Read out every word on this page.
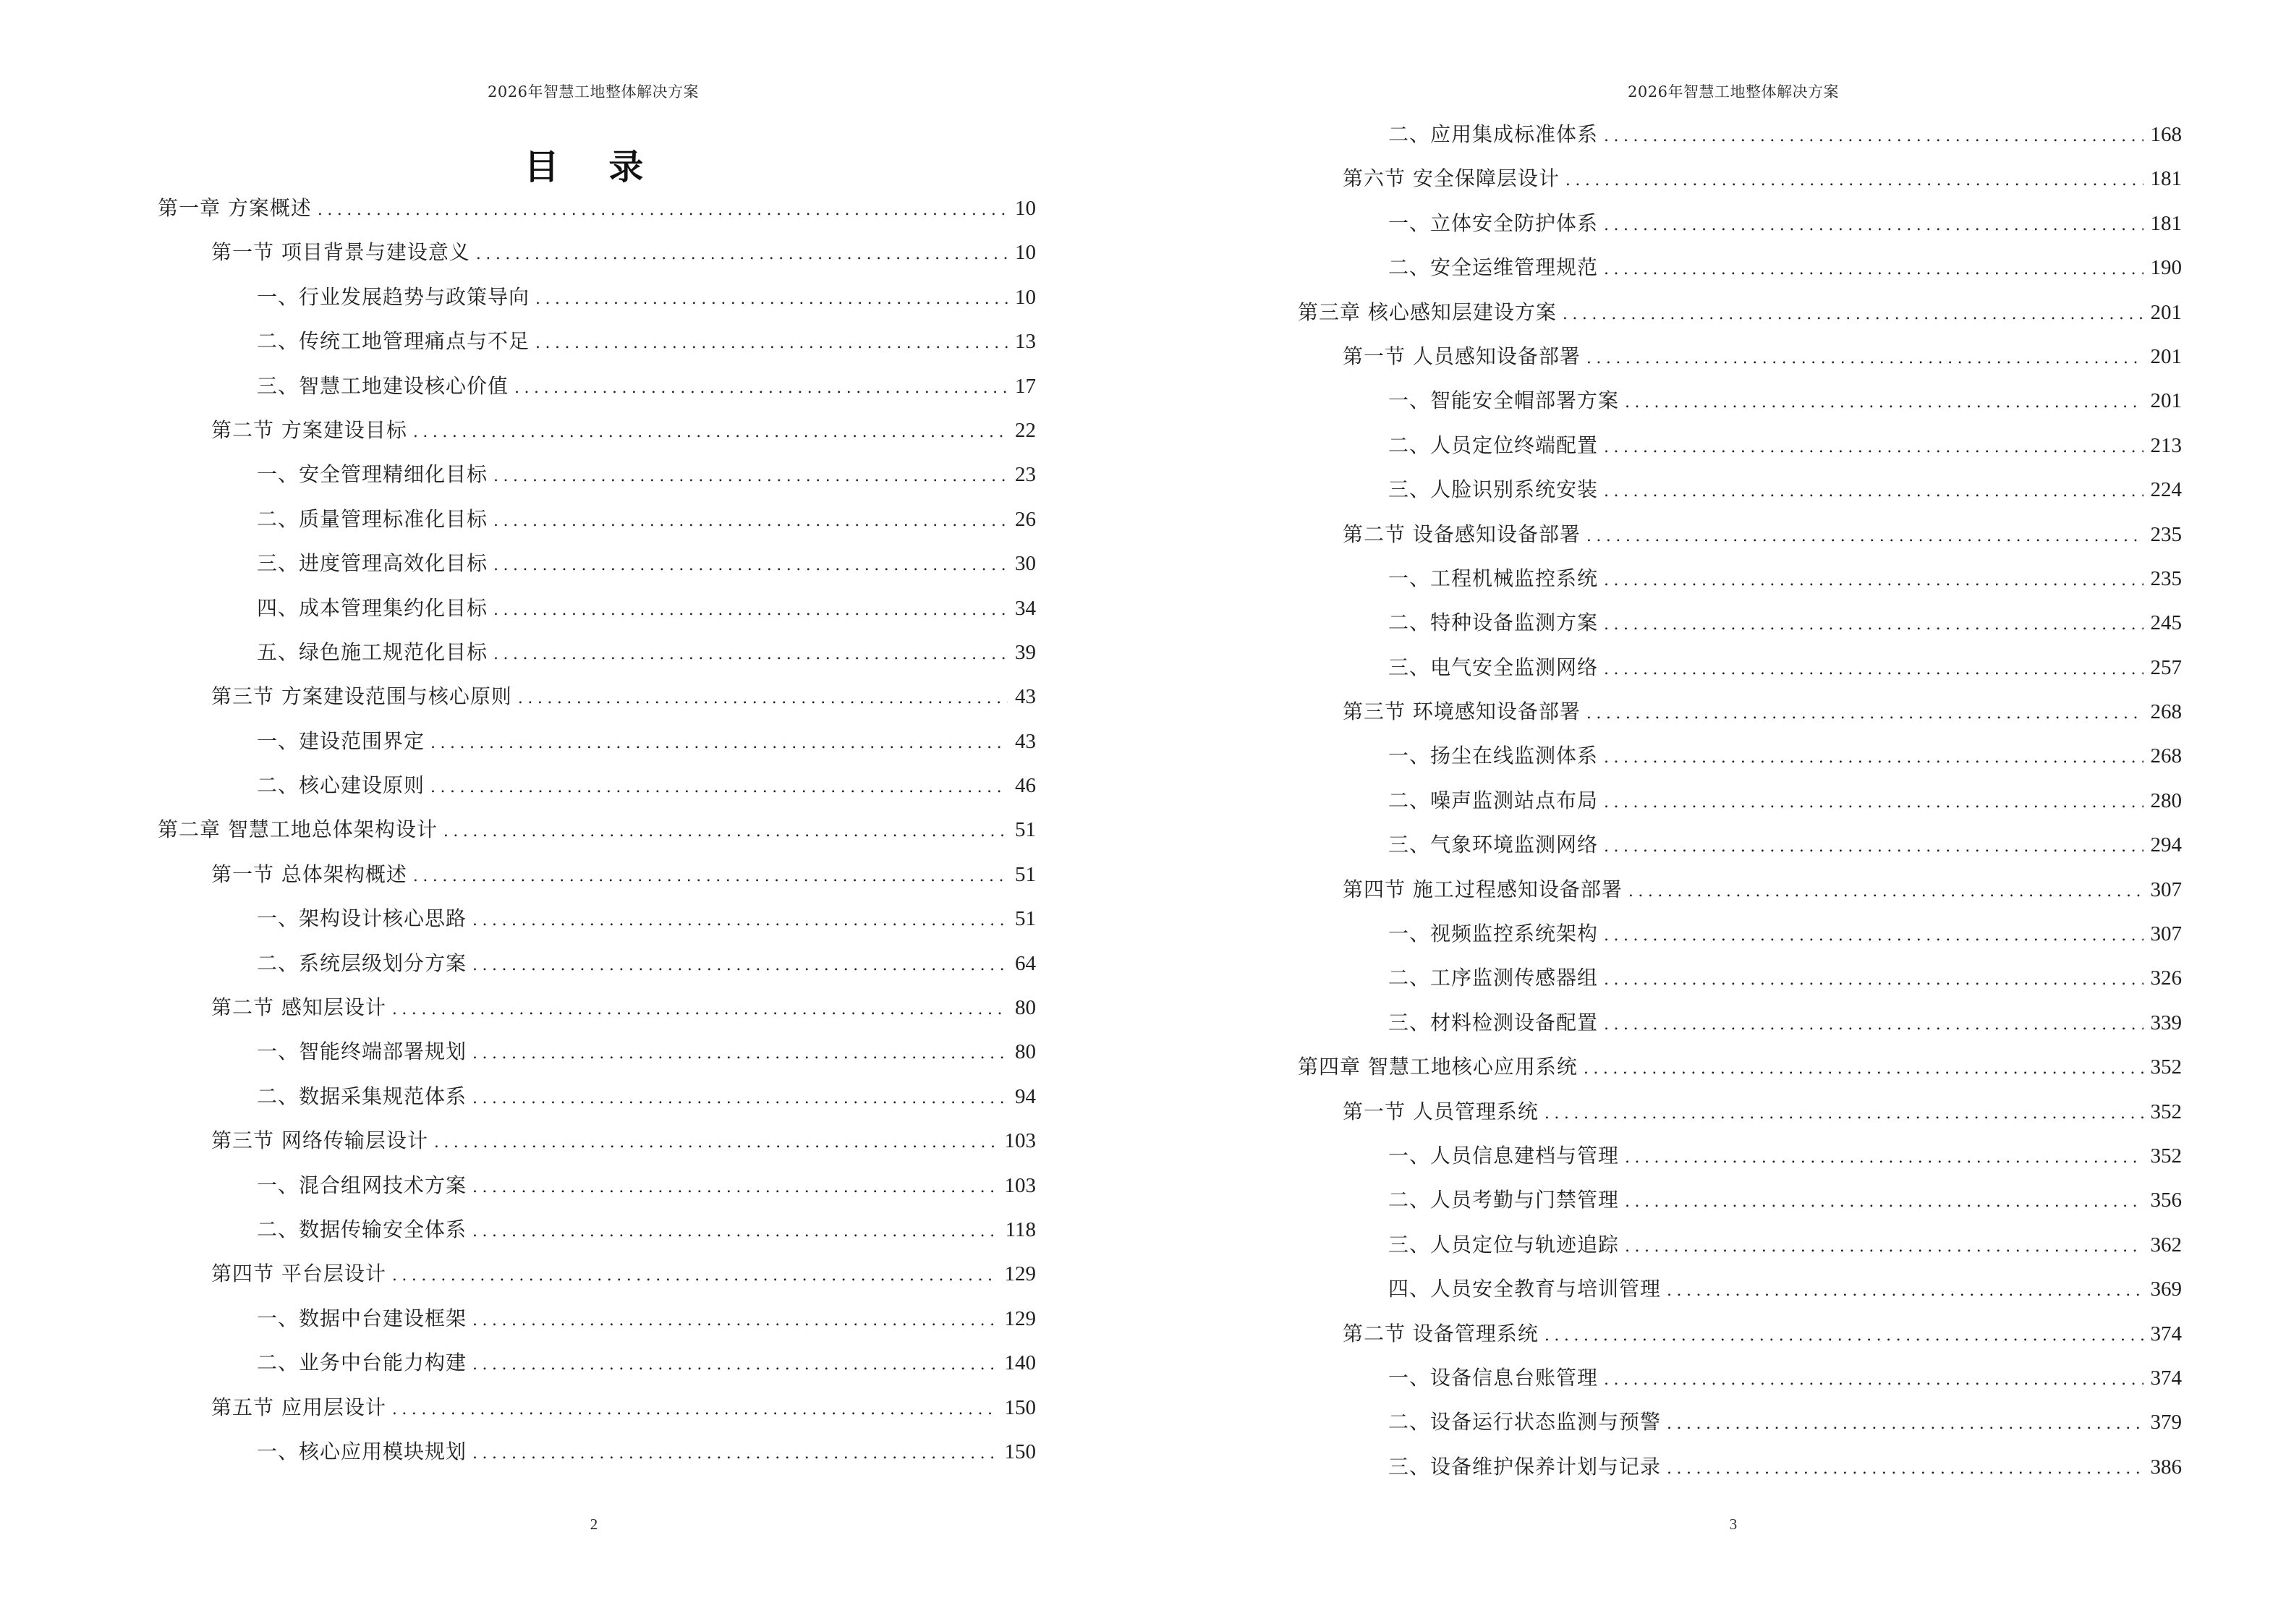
2026年智慧工地整体解决方案
目 录
第一章 方案概述 .....	10
第一节 项目背景与建设意义 .....	10
一、行业发展趋势与政策导向 .....	10
二、传统工地管理痛点与不足 .....	13
三、智慧工地建设核心价值 .....	17
第二节 方案建设目标 .....	22
一、安全管理精细化目标 .....	23
二、质量管理标准化目标 .....	26
三、进度管理高效化目标 .....	30
四、成本管理集约化目标 .....	34
五、绿色施工规范化目标 .....	39
第三节 方案建设范围与核心原则 .....	43
一、建设范围界定 .....	43
二、核心建设原则 .....	46
第二章 智慧工地总体架构设计 .....	51
第一节 总体架构概述 .....	51
一、架构设计核心思路 .....	51
二、系统层级划分方案 .....	64
第二节 感知层设计 .....	80
一、智能终端部署规划 .....	80
二、数据采集规范体系 .....	94
第三节 网络传输层设计 .....	103
一、混合组网技术方案 .....	103
二、数据传输安全体系 .....	118
第四节 平台层设计 .....	129
一、数据中台建设框架 .....	129
二、业务中台能力构建 .....	140
第五节 应用层设计 .....	150
一、核心应用模块规划 .....	150
2
2026年智慧工地整体解决方案
二、应用集成标准体系 .....	168
第六节 安全保障层设计 .....	181
一、立体安全防护体系 .....	181
二、安全运维管理规范 .....	190
第三章 核心感知层建设方案 .....	201
第一节 人员感知设备部署 .....	201
一、智能安全帽部署方案 .....	201
二、人员定位终端配置 .....	213
三、人脸识别系统安装 .....	224
第二节 设备感知设备部署 .....	235
一、工程机械监控系统 .....	235
二、特种设备监测方案 .....	245
三、电气安全监测网络 .....	257
第三节 环境感知设备部署 .....	268
一、扬尘在线监测体系 .....	268
二、噪声监测站点布局 .....	280
三、气象环境监测网络 .....	294
第四节 施工过程感知设备部署 .....	307
一、视频监控系统架构 .....	307
二、工序监测传感器组 .....	326
三、材料检测设备配置 .....	339
第四章 智慧工地核心应用系统 .....	352
第一节 人员管理系统 .....	352
一、人员信息建档与管理 .....	352
二、人员考勤与门禁管理 .....	356
三、人员定位与轨迹追踪 .....	362
四、人员安全教育与培训管理 .....	369
第二节 设备管理系统 .....	374
一、设备信息台账管理 .....	374
二、设备运行状态监测与预警 .....	379
三、设备维护保养计划与记录 .....	386
3
